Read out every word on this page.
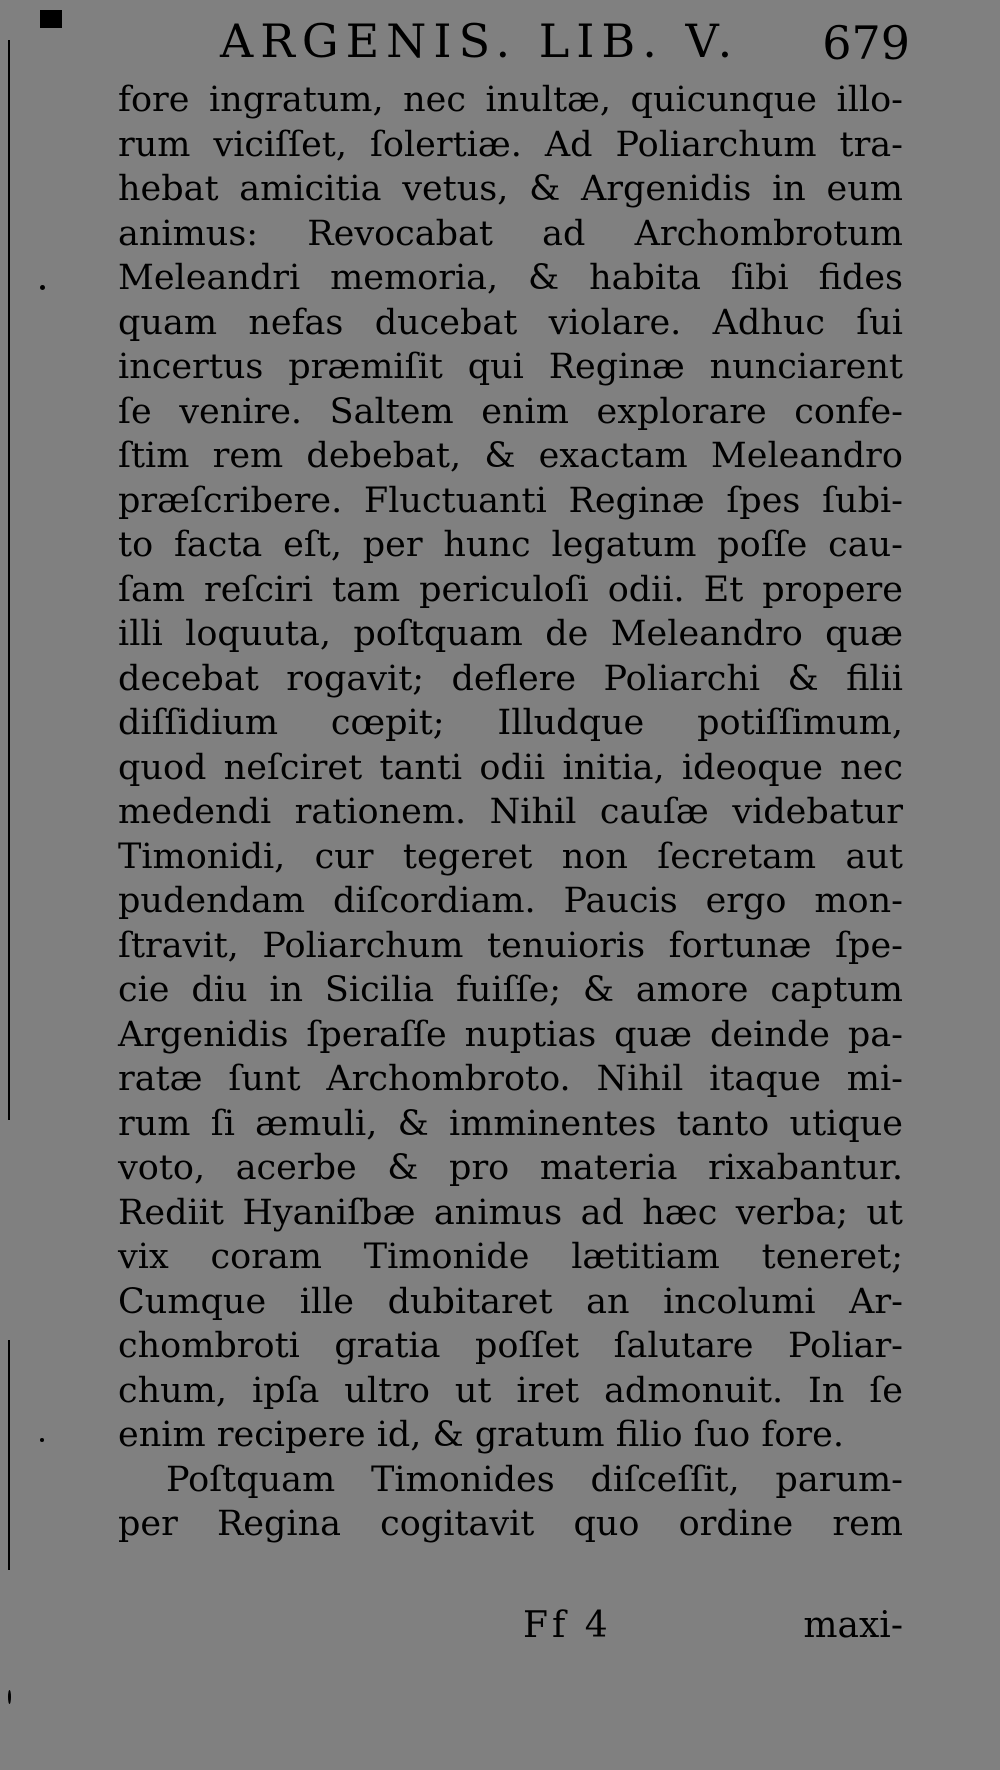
ARGENIS. LIB. V. 679
fore ingratum, nec inultæ, quicunque illo-
rum viciſſet, ſolertiæ. Ad Poliarchum tra-
hebat amicitia vetus, & Argenidis in eum
animus: Revocabat ad Archombrotum
Meleandri memoria, & habita ſibi fides
quam nefas ducebat violare. Adhuc ſui
incertus præmiſit qui Reginæ nunciarent
ſe venire. Saltem enim explorare confe-
ſtim rem debebat, & exactam Meleandro
præſcribere. Fluctuanti Reginæ ſpes ſubi-
to facta eſt, per hunc legatum poſſe cau-
ſam reſciri tam periculoſi odii. Et propere
illi loquuta, poſtquam de Meleandro quæ
decebat rogavit; deflere Poliarchi & filii
diſſidium cœpit; Illudque potiſſimum,
quod neſciret tanti odii initia, ideoque nec
medendi rationem. Nihil cauſæ videbatur
Timonidi, cur tegeret non ſecretam aut
pudendam diſcordiam. Paucis ergo mon-
ſtravit, Poliarchum tenuioris fortunæ ſpe-
cie diu in Sicilia fuiſſe; & amore captum
Argenidis ſperaſſe nuptias quæ deinde pa-
ratæ ſunt Archombroto. Nihil itaque mi-
rum ſi æmuli, & imminentes tanto utique
voto, acerbe & pro materia rixabantur.
Rediit Hyaniſbæ animus ad hæc verba; ut
vix coram Timonide lætitiam teneret;
Cumque ille dubitaret an incolumi Ar-
chombroti gratia poſſet ſalutare Poliar-
chum, ipſa ultro ut iret admonuit. In ſe
enim recipere id, & gratum filio ſuo fore.
Poſtquam Timonides diſceſſit, parum-
per Regina cogitavit quo ordine rem
Ff 4	maxi-
